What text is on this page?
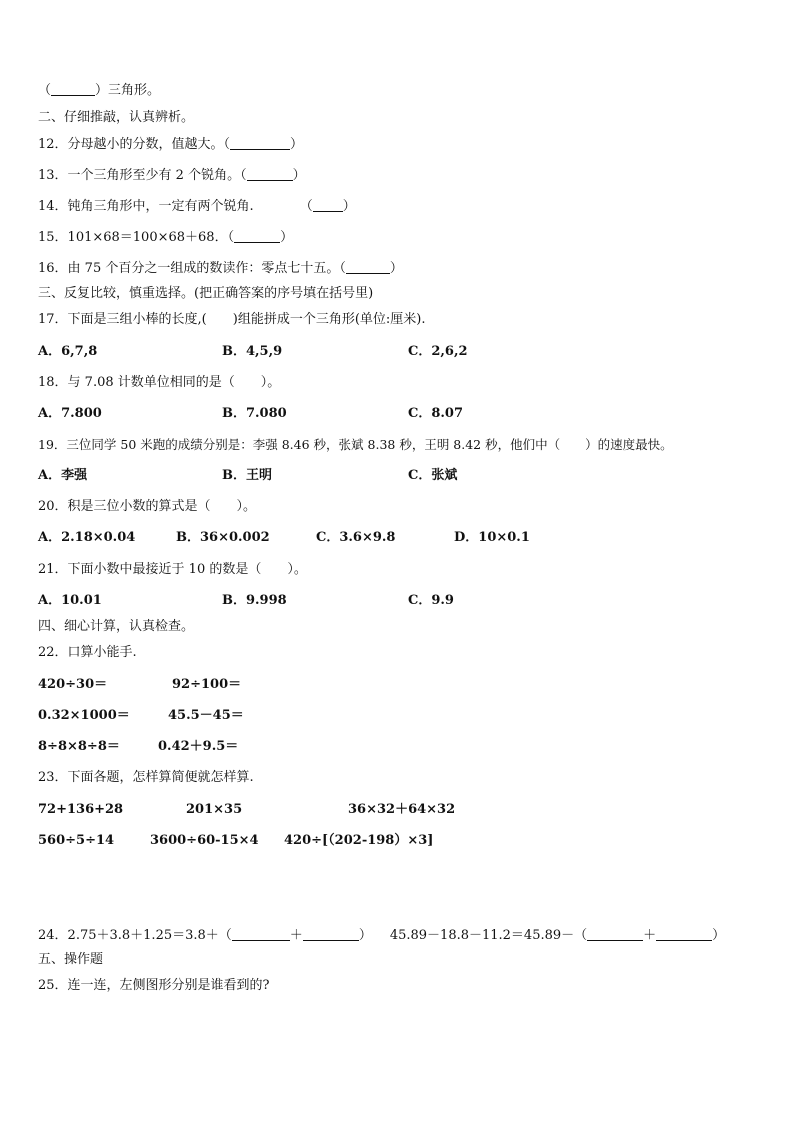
（	）三角形。
二、仔细推敲，认真辨析。
12．分母越小的分数，值越大。（	）
13．一个三角形至少有 2 个锐角。（	）
14．钝角三角形中，一定有两个锐角.	（ ）
15．101×68＝100×68＋68．（	）
16．由 75 个百分之一组成的数读作：零点七十五。（	）
三、反复比较，慎重选择。(把正确答案的序号填在括号里)
17．下面是三组小棒的长度,(　　)组能拼成一个三角形(单位:厘米).
A．6,7,8	B．4,5,9	C．2,6,2
18．与 7.08 计数单位相同的是（　　）。
A．7.800	B．7.080	C．8.07
19．三位同学 50 米跑的成绩分别是：李强 8.46 秒，张斌 8.38 秒，王明 8.42 秒，他们中（　　）的速度最快。
A．李强	B．王明	C．张斌
20．积是三位小数的算式是（　　）。
A．2.18×0.04	B．36×0.002	C．3.6×9.8	D．10×0.1
21．下面小数中最接近于 10 的数是（　　）。
A．10.01	B．9.998	C．9.9
四、细心计算，认真检查。
22．口算小能手.
420÷30＝	92÷100＝
0.32×1000＝	45.5－45＝
8÷8×8÷8＝	0.42＋9.5＝
23．下面各题，怎样算简便就怎样算.
72+136+28	201×35	36×32＋64×32
560÷5÷14	3600÷60-15×4 420÷[（202-198）×3]
24．2.75＋3.8＋1.25＝3.8＋（	＋	） 45.89－18.8－11.2＝45.89－（	＋	）
五、操作题
25．连一连，左侧图形分别是谁看到的?
